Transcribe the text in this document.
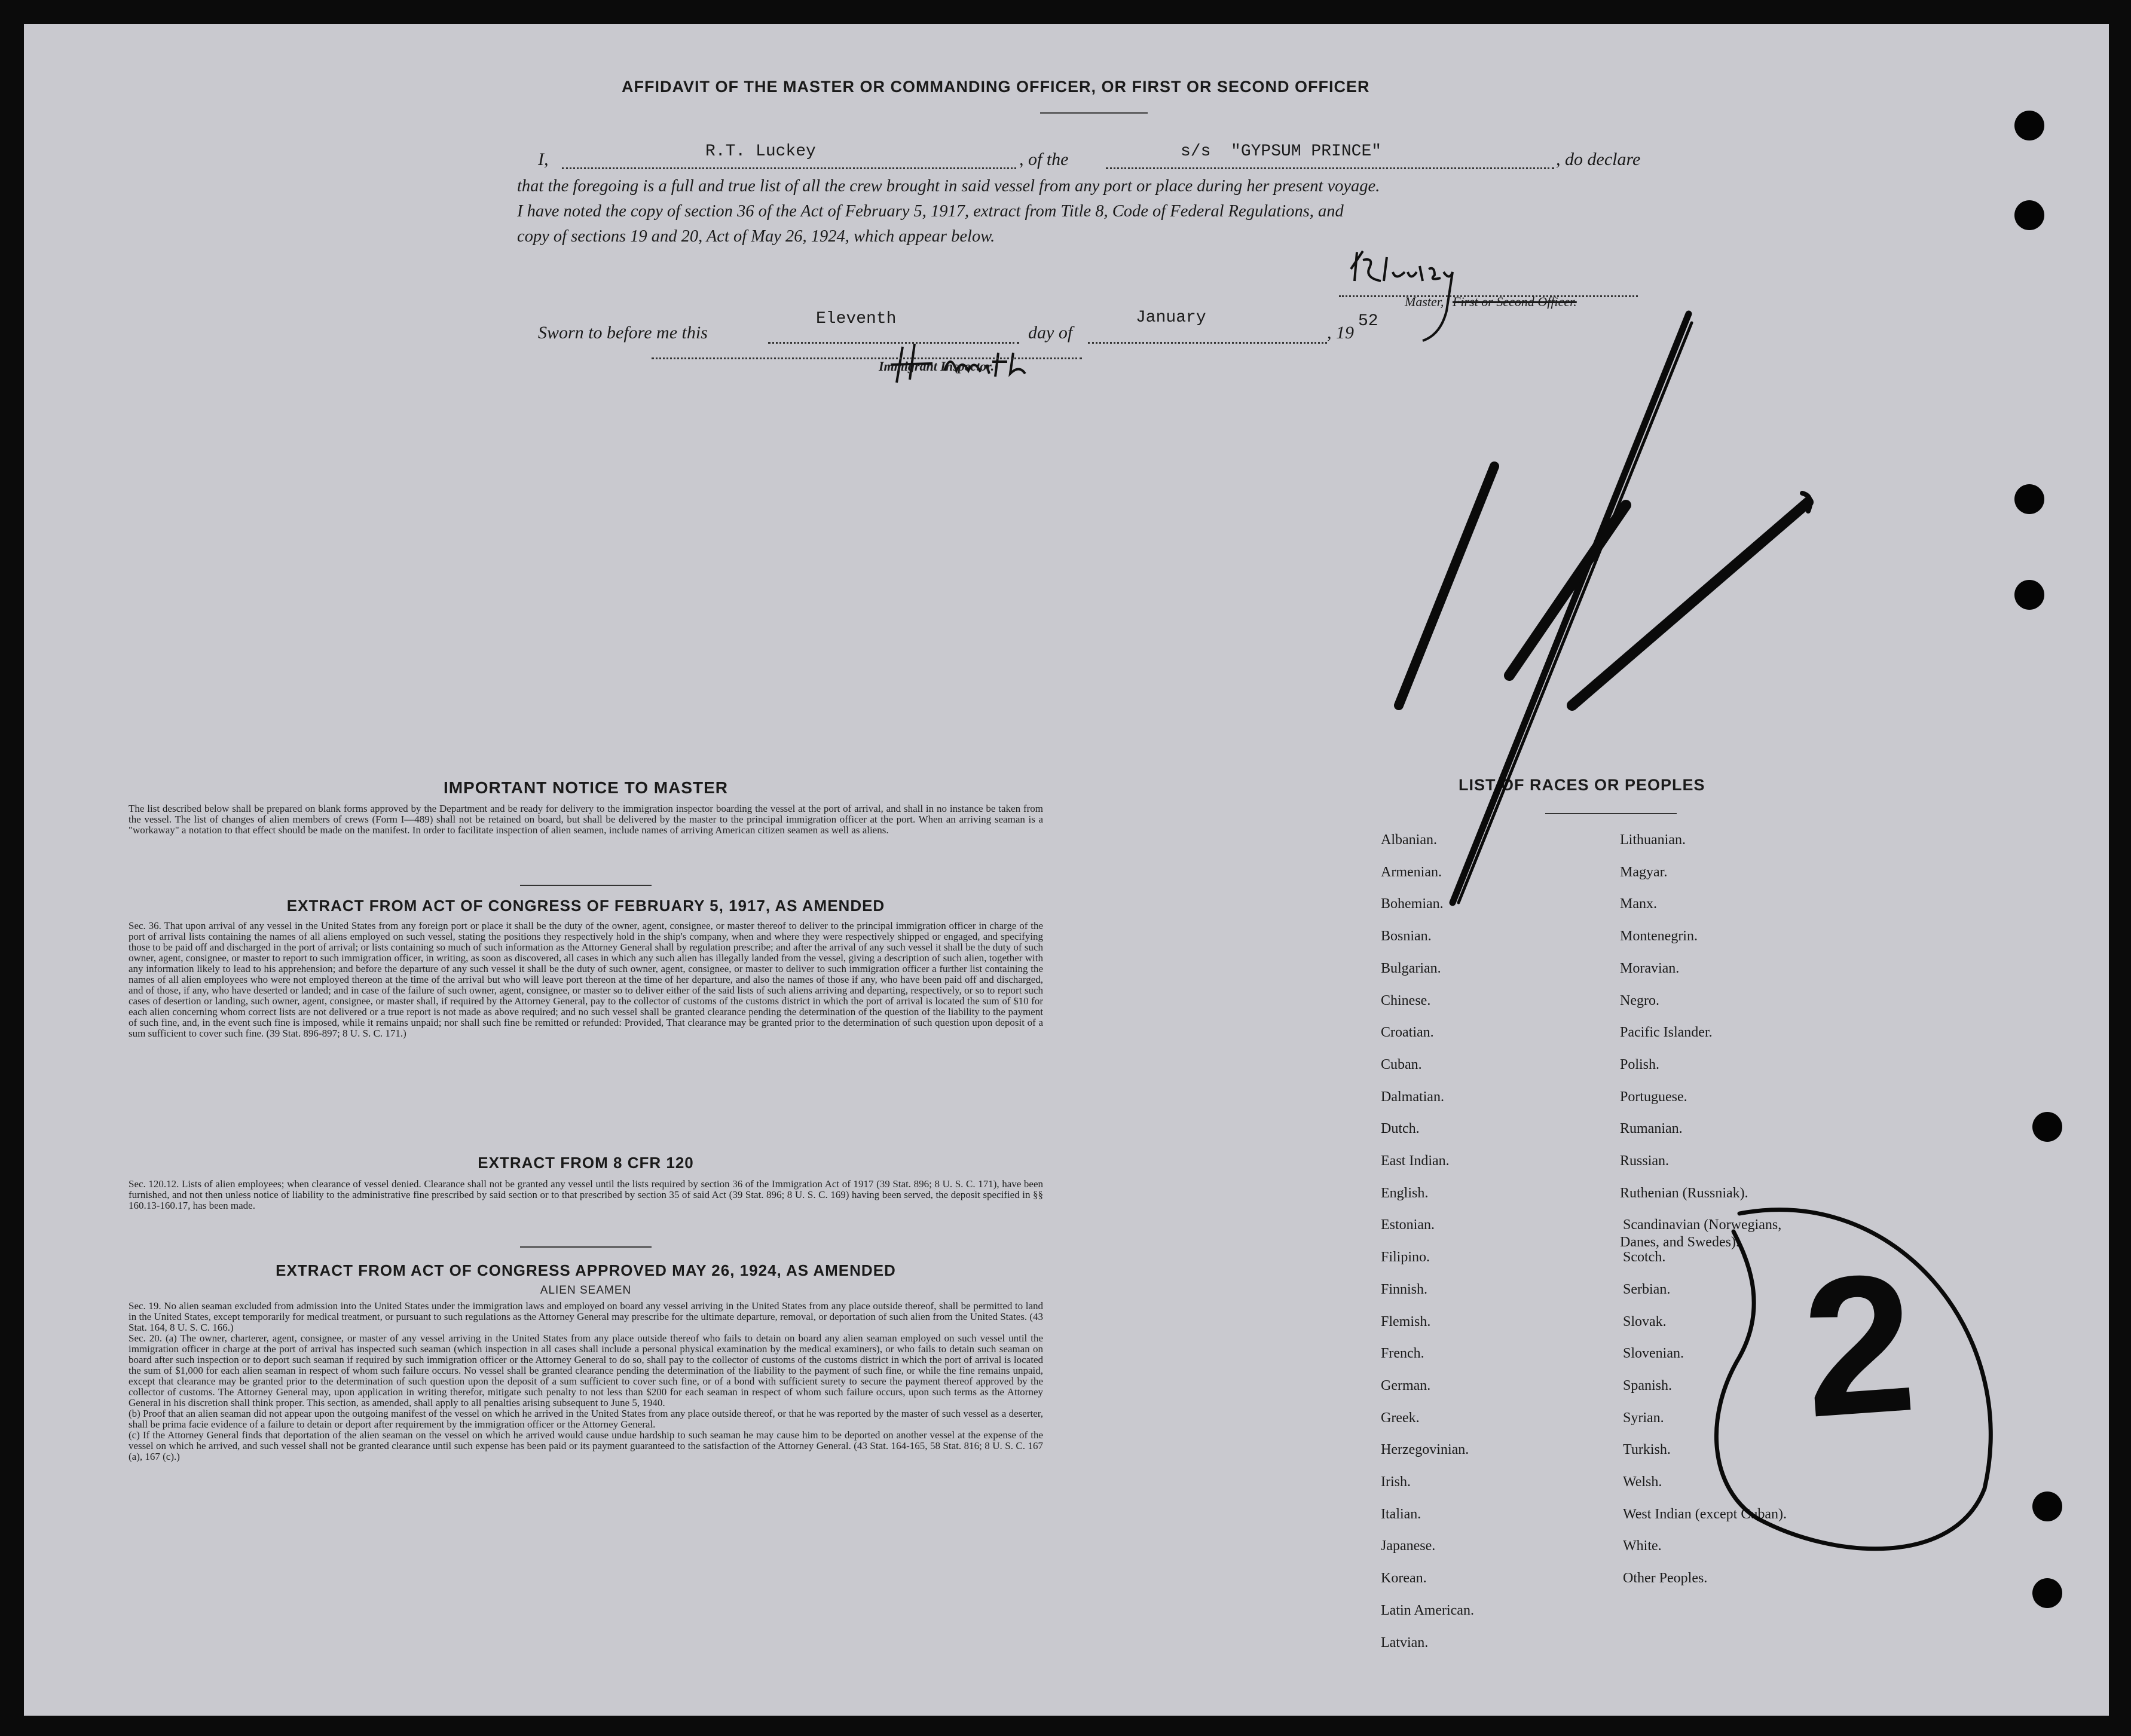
AFFIDAVIT OF THE MASTER OR COMMANDING OFFICER, OR FIRST OR SECOND OFFICER
I,	R.T. Luckey	, of the	s/s  "GYPSUM PRINCE"	, do declare
that the foregoing is a full and true list of all the crew brought in said vessel from any port or place during her present voyage.
I have noted the copy of section 36 of the Act of February 5, 1917, extract from Title 8, Code of Federal Regulations, and
copy of sections 19 and 20, Act of May 26, 1924, which appear below.
Master, First or Second Officer.
Sworn to before me this
Eleventh
day of
January
, 19
52
Immigrant Inspector.
IMPORTANT NOTICE TO MASTER
The list described below shall be prepared on blank forms approved by the Department and be ready for delivery to the immigration inspector boarding the vessel at the port of arrival, and shall in no instance be taken from the vessel. The list of changes of alien members of crews (Form I—489) shall not be retained on board, but shall be delivered by the master to the principal immigration officer at the port. When an arriving seaman is a "workaway" a notation to that effect should be made on the manifest. In order to facilitate inspection of alien seamen, include names of arriving American citizen seamen as well as aliens.
EXTRACT FROM ACT OF CONGRESS OF FEBRUARY 5, 1917, AS AMENDED
Sec. 36. That upon arrival of any vessel in the United States from any foreign port or place it shall be the duty of the owner, agent, consignee, or master thereof to deliver to the principal immigration officer in charge of the port of arrival lists containing the names of all aliens employed on such vessel, stating the positions they respectively hold in the ship's company, when and where they were respectively shipped or engaged, and specifying those to be paid off and discharged in the port of arrival; or lists containing so much of such information as the Attorney General shall by regulation prescribe; and after the arrival of any such vessel it shall be the duty of such owner, agent, consignee, or master to report to such immigration officer, in writing, as soon as discovered, all cases in which any such alien has illegally landed from the vessel, giving a description of such alien, together with any information likely to lead to his apprehension; and before the departure of any such vessel it shall be the duty of such owner, agent, consignee, or master to deliver to such immigration officer a further list containing the names of all alien employees who were not employed thereon at the time of the arrival but who will leave port thereon at the time of her departure, and also the names of those if any, who have been paid off and discharged, and of those, if any, who have deserted or landed; and in case of the failure of such owner, agent, consignee, or master so to deliver either of the said lists of such aliens arriving and departing, respectively, or so to report such cases of desertion or landing, such owner, agent, consignee, or master shall, if required by the Attorney General, pay to the collector of customs of the customs district in which the port of arrival is located the sum of $10 for each alien concerning whom correct lists are not delivered or a true report is not made as above required; and no such vessel shall be granted clearance pending the determination of the question of the liability to the payment of such fine, and, in the event such fine is imposed, while it remains unpaid; nor shall such fine be remitted or refunded: Provided, That clearance may be granted prior to the determination of such question upon deposit of a sum sufficient to cover such fine. (39 Stat. 896-897; 8 U. S. C. 171.)
EXTRACT FROM 8 CFR 120
Sec. 120.12. Lists of alien employees; when clearance of vessel denied. Clearance shall not be granted any vessel until the lists required by section 36 of the Immigration Act of 1917 (39 Stat. 896; 8 U. S. C. 171), have been furnished, and not then unless notice of liability to the administrative fine prescribed by said section or to that prescribed by section 35 of said Act (39 Stat. 896; 8 U. S. C. 169) having been served, the deposit specified in §§ 160.13-160.17, has been made.
EXTRACT FROM ACT OF CONGRESS APPROVED MAY 26, 1924, AS AMENDED
ALIEN SEAMEN
Sec. 19. No alien seaman excluded from admission into the United States under the immigration laws and employed on board any vessel arriving in the United States from any place outside thereof, shall be permitted to land in the United States, except temporarily for medical treatment, or pursuant to such regulations as the Attorney General may prescribe for the ultimate departure, removal, or deportation of such alien from the United States. (43 Stat. 164, 8 U. S. C. 166.)
Sec. 20. (a) The owner, charterer, agent, consignee, or master of any vessel arriving in the United States from any place outside thereof who fails to detain on board any alien seaman employed on such vessel until the immigration officer in charge at the port of arrival has inspected such seaman (which inspection in all cases shall include a personal physical examination by the medical examiners), or who fails to detain such seaman on board after such inspection or to deport such seaman if required by such immigration officer or the Attorney General to do so, shall pay to the collector of customs of the customs district in which the port of arrival is located the sum of $1,000 for each alien seaman in respect of whom such failure occurs. No vessel shall be granted clearance pending the determination of the liability to the payment of such fine, or while the fine remains unpaid, except that clearance may be granted prior to the determination of such question upon the deposit of a sum sufficient to cover such fine, or of a bond with sufficient surety to secure the payment thereof approved by the collector of customs. The Attorney General may, upon application in writing therefor, mitigate such penalty to not less than $200 for each seaman in respect of whom such failure occurs, upon such terms as the Attorney General in his discretion shall think proper. This section, as amended, shall apply to all penalties arising subsequent to June 5, 1940.
(b) Proof that an alien seaman did not appear upon the outgoing manifest of the vessel on which he arrived in the United States from any place outside thereof, or that he was reported by the master of such vessel as a deserter, shall be prima facie evidence of a failure to detain or deport after requirement by the immigration officer or the Attorney General.
(c) If the Attorney General finds that deportation of the alien seaman on the vessel on which he arrived would cause undue hardship to such seaman he may cause him to be deported on another vessel at the expense of the vessel on which he arrived, and such vessel shall not be granted clearance until such expense has been paid or its payment guaranteed to the satisfaction of the Attorney General. (43 Stat. 164-165, 58 Stat. 816; 8 U. S. C. 167 (a), 167 (c).)
LIST OF RACES OR PEOPLES
Albanian.
Armenian.
Bohemian.
Bosnian.
Bulgarian.
Chinese.
Croatian.
Cuban.
Dalmatian.
Dutch.
East Indian.
English.
Estonian.
Filipino.
Finnish.
Flemish.
French.
German.
Greek.
Herzegovinian.
Irish.
Italian.
Japanese.
Korean.
Latin American.
Latvian.
Lithuanian.
Magyar.
Manx.
Montenegrin.
Moravian.
Negro.
Pacific Islander.
Polish.
Portuguese.
Rumanian.
Russian.
Ruthenian (Russniak).
Scandinavian (Norwegians,
Scotch.
Serbian.
Slovak.
Slovenian.
Spanish.
Syrian.
Turkish.
Welsh.
West Indian (except Cuban).
White.
Other Peoples.
Danes, and Swedes). 2
